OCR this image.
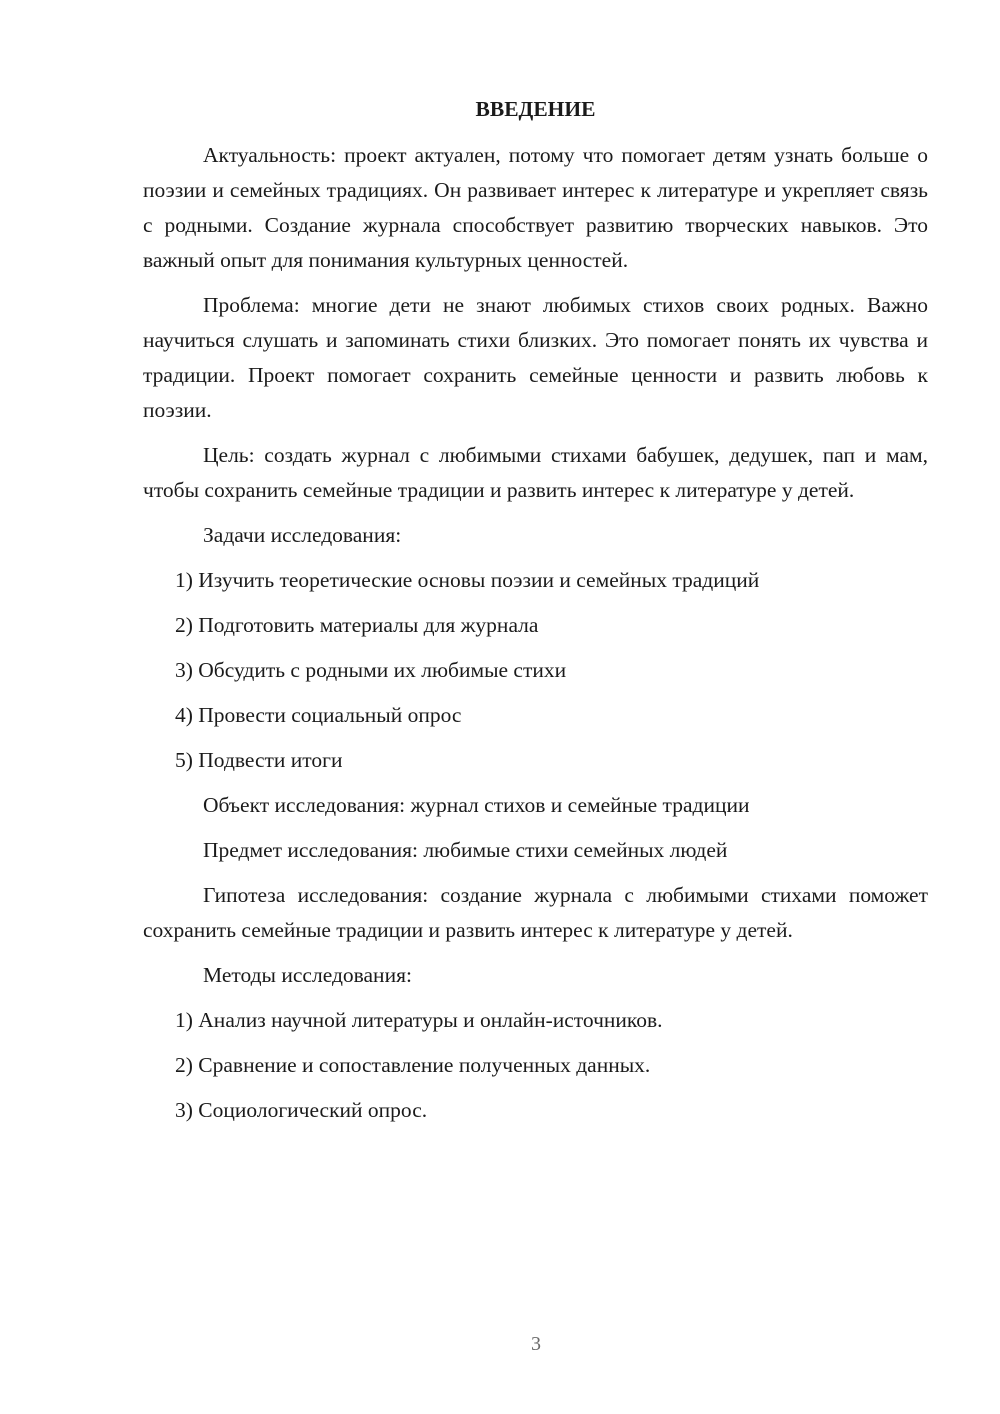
ВВЕДЕНИЕ

Актуальность: проект актуален, потому что помогает детям узнать больше о поэзии и семейных традициях. Он развивает интерес к литературе и укрепляет связь с родными. Создание журнала способствует развитию творческих навыков. Это важный опыт для понимания культурных ценностей.

Проблема: многие дети не знают любимых стихов своих родных. Важно научиться слушать и запоминать стихи близких. Это помогает понять их чувства и традиции. Проект помогает сохранить семейные ценности и развить любовь к поэзии.

Цель: создать журнал с любимыми стихами бабушек, дедушек, пап и мам, чтобы сохранить семейные традиции и развить интерес к литературе у детей.

Задачи исследования:
1) Изучить теоретические основы поэзии и семейных традиций
2) Подготовить материалы для журнала
3) Обсудить с родными их любимые стихи
4) Провести социальный опрос
5) Подвести итоги
Объект исследования: журнал стихов и семейные традиции
Предмет исследования: любимые стихи семейных людей

Гипотеза исследования: создание журнала с любимыми стихами поможет сохранить семейные традиции и развить интерес к литературе у детей.

Методы исследования:
1) Анализ научной литературы и онлайн-источников.
2) Сравнение и сопоставление полученных данных.
3) Социологический опрос.
3
